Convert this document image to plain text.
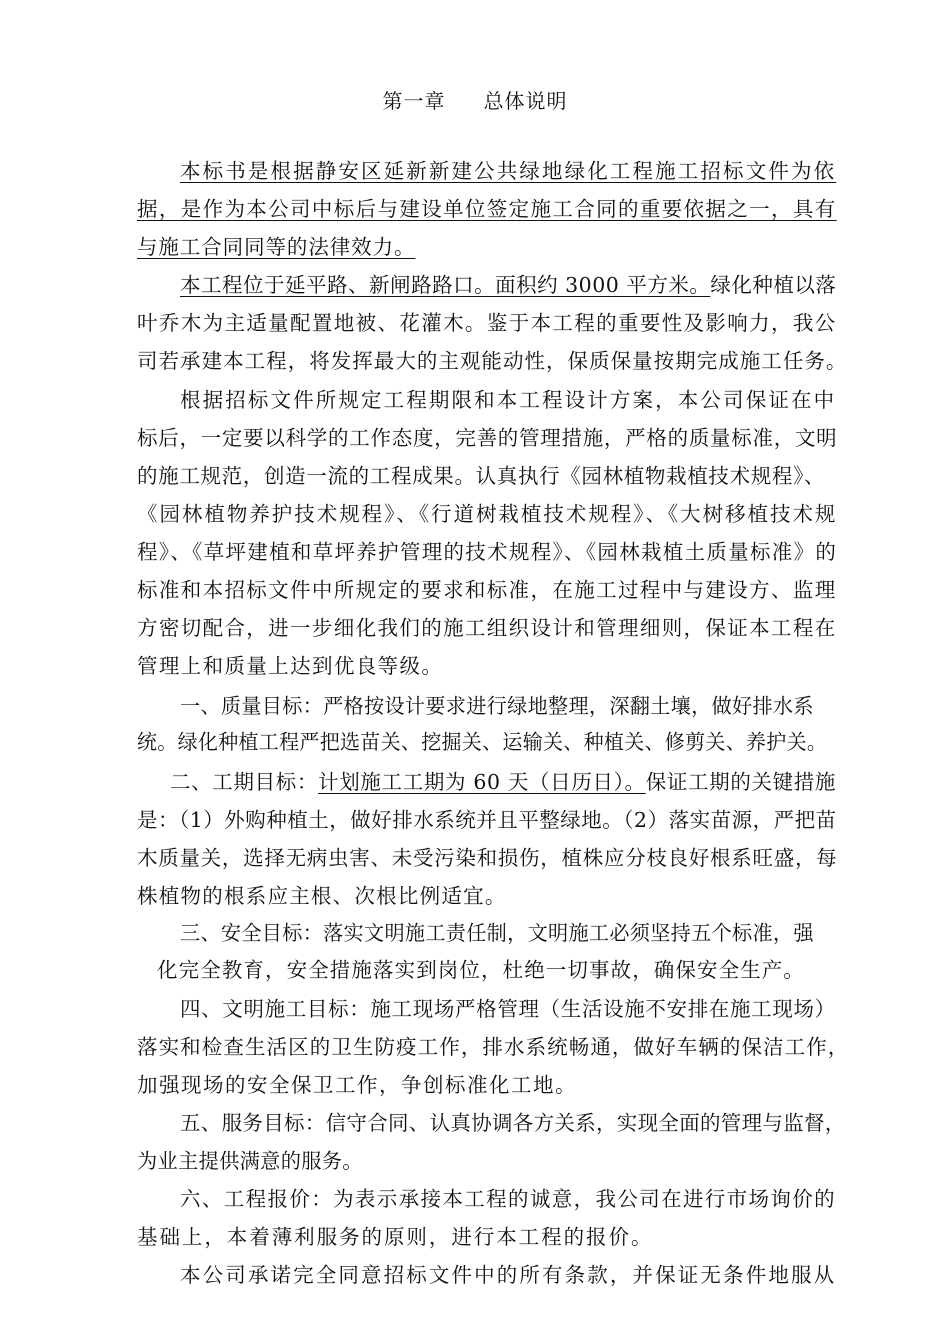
第一章 总体说明
本标书是根据静安区延新新建公共绿地绿化工程施工招标文件为依
据，是作为本公司中标后与建设单位签定施工合同的重要依据之一，具有
与施工合同同等的法律效力。
本工程位于延平路、新闸路路口。面积约 3000 平方米。绿化种植以落
叶乔木为主适量配置地被、花灌木。鉴于本工程的重要性及影响力，我公
司若承建本工程，将发挥最大的主观能动性，保质保量按期完成施工任务。
根据招标文件所规定工程期限和本工程设计方案，本公司保证在中
标后，一定要以科学的工作态度，完善的管理措施，严格的质量标准，文明
的施工规范，创造一流的工程成果。认真执行《园林植物栽植技术规程》、
《园林植物养护技术规程》、《行道树栽植技术规程》、《大树移植技术规
程》、《草坪建植和草坪养护管理的技术规程》、《园林栽植土质量标准》的
标准和本招标文件中所规定的要求和标准，在施工过程中与建设方、监理
方密切配合，进一步细化我们的施工组织设计和管理细则，保证本工程在
管理上和质量上达到优良等级。
一、质量目标：严格按设计要求进行绿地整理，深翻土壤，做好排水系
统。绿化种植工程严把选苗关、挖掘关、运输关、种植关、修剪关、养护关。
二、工期目标：计划施工工期为 60 天（日历日）。保证工期的关键措施
是：（1）外购种植土，做好排水系统并且平整绿地。（2）落实苗源，严把苗
木质量关，选择无病虫害、未受污染和损伤，植株应分枝良好根系旺盛，每
株植物的根系应主根、次根比例适宜。
三、安全目标：落实文明施工责任制，文明施工必须坚持五个标准，强
化完全教育，安全措施落实到岗位，杜绝一切事故，确保安全生产。
四、文明施工目标：施工现场严格管理（生活设施不安排在施工现场）
落实和检查生活区的卫生防疫工作，排水系统畅通，做好车辆的保洁工作，
加强现场的安全保卫工作，争创标准化工地。
五、服务目标：信守合同、认真协调各方关系，实现全面的管理与监督，
为业主提供满意的服务。
六、工程报价：为表示承接本工程的诚意，我公司在进行市场询价的
基础上，本着薄利服务的原则，进行本工程的报价。
本公司承诺完全同意招标文件中的所有条款，并保证无条件地服从
